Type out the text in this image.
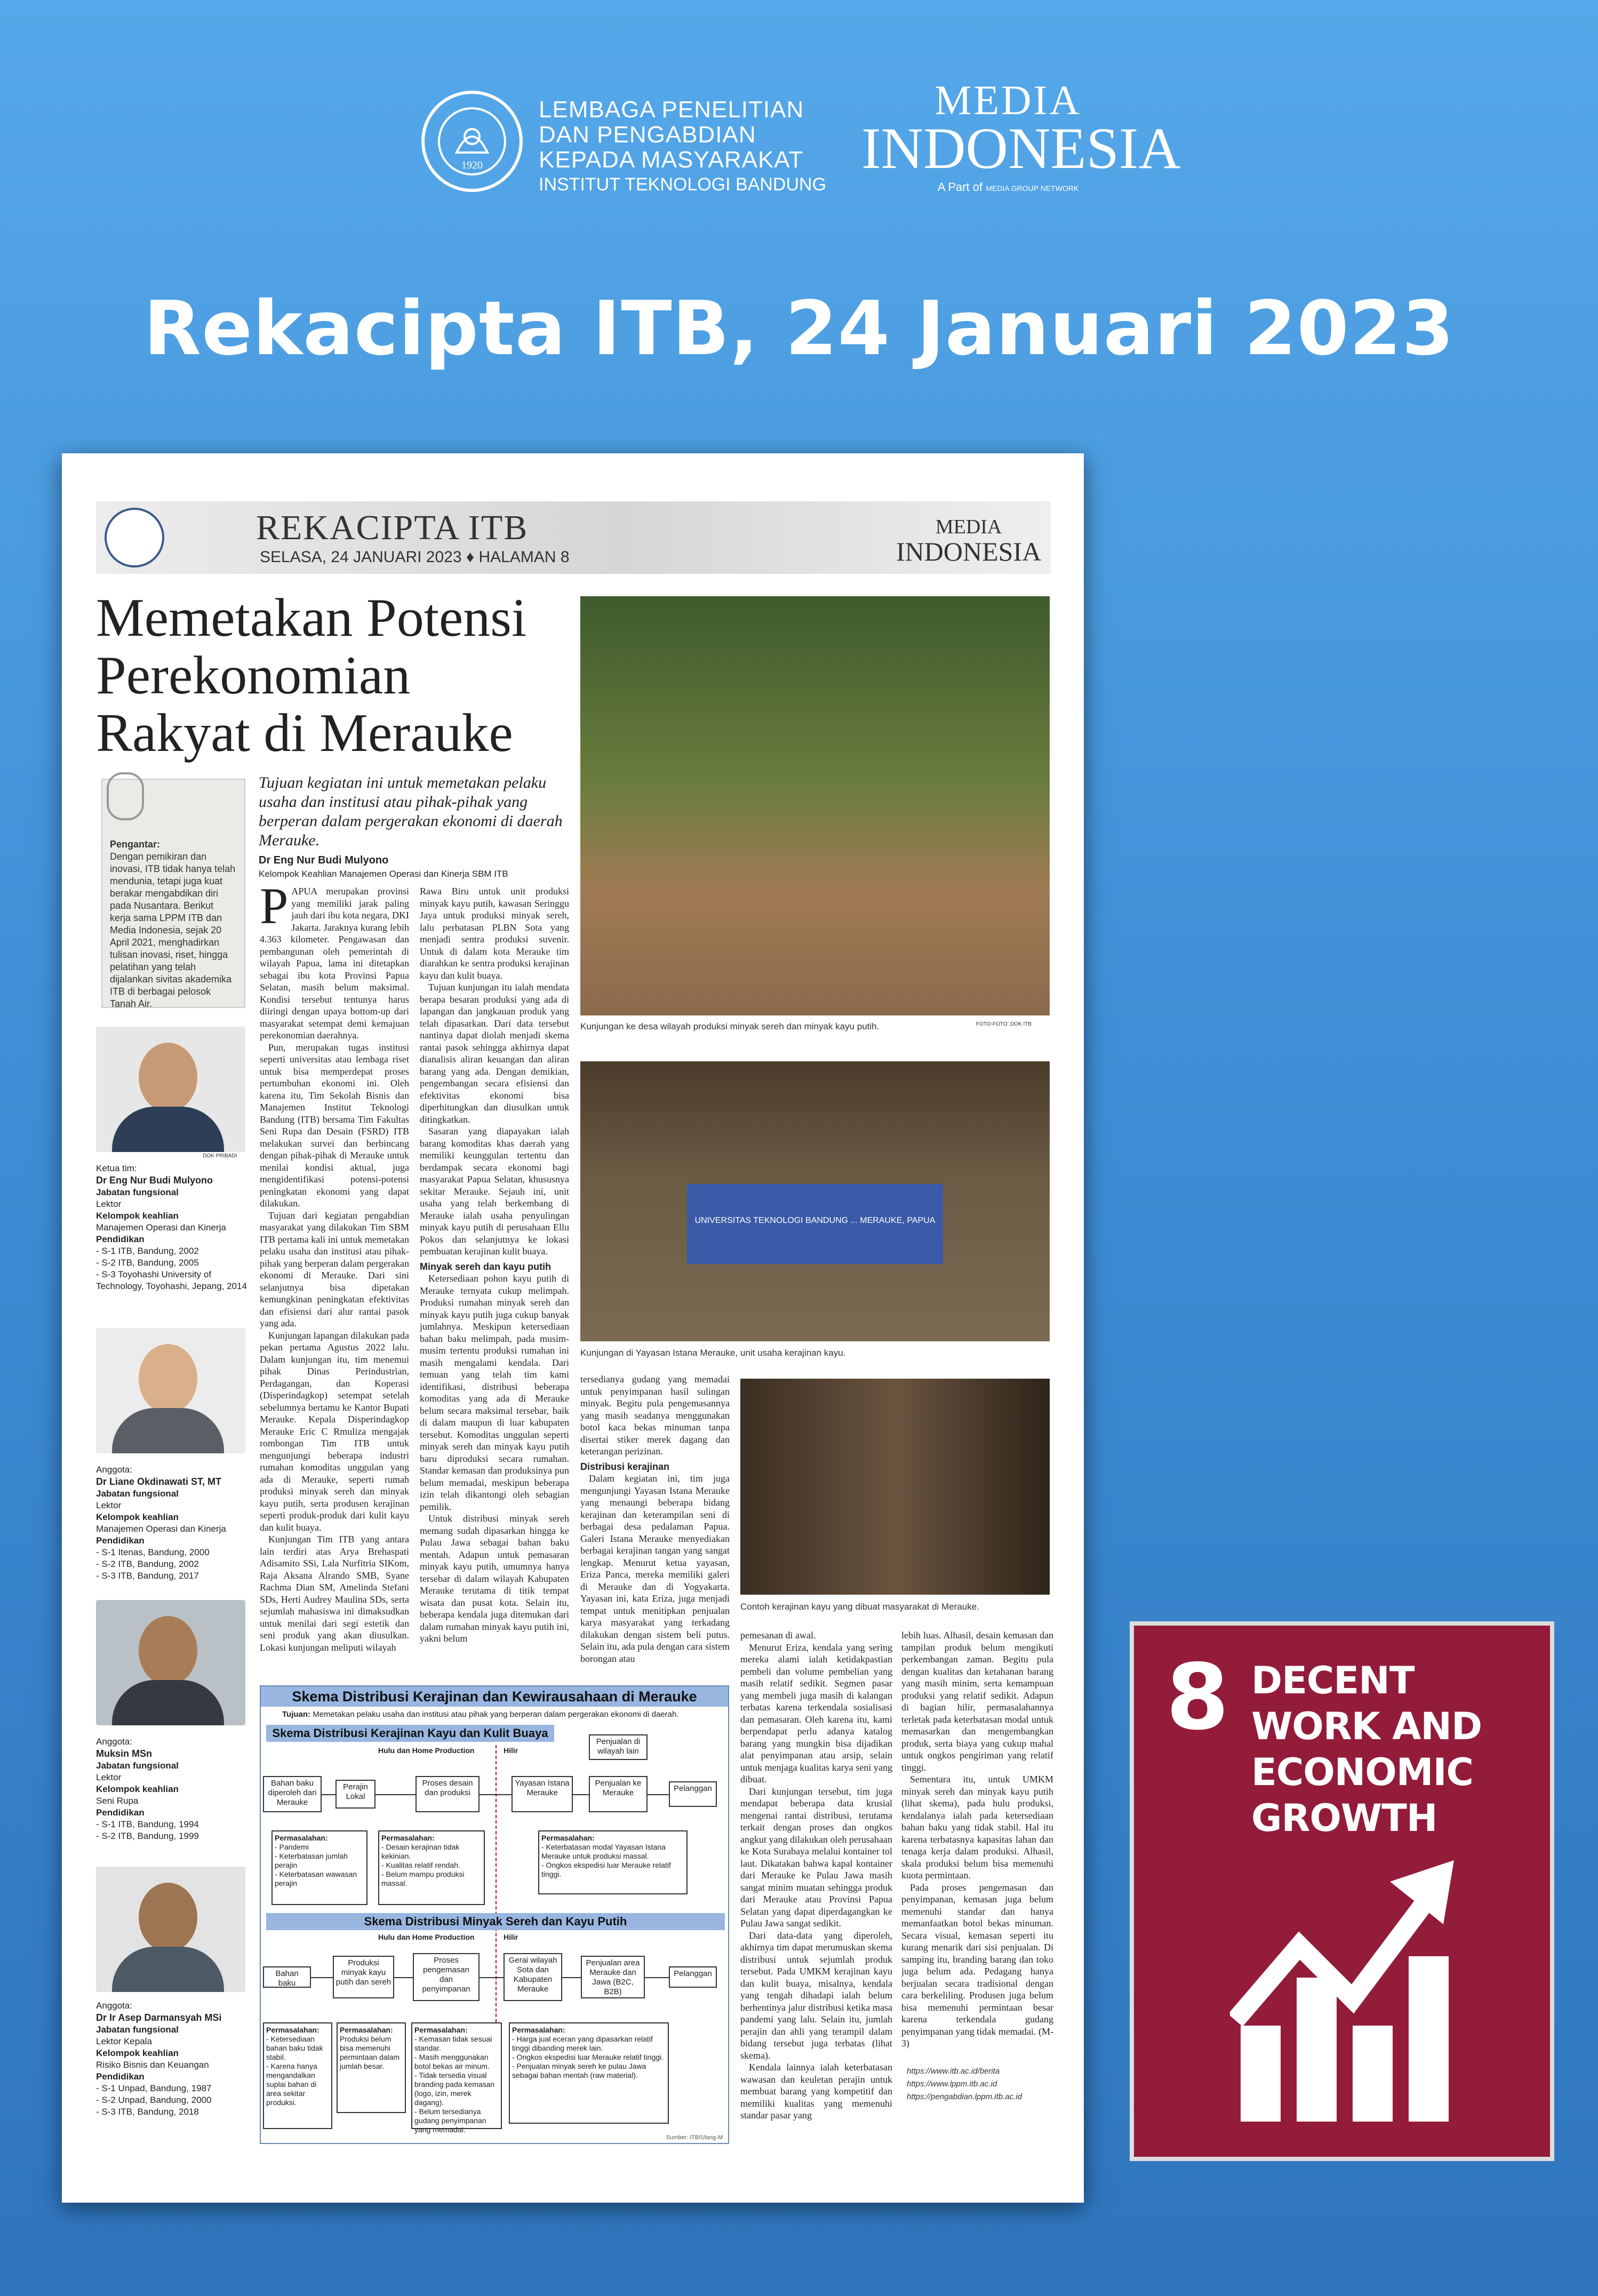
1920
LEMBAGA PENELITIAN
DAN PENGABDIAN
KEPADA MASYARAKAT
INSTITUT TEKNOLOGI BANDUNG
MEDIA
INDONESIA
A Part of MEDIA GROUP NETWORK
Rekacipta ITB, 24 Januari 2023
REKACIPTA ITB
SELASA, 24 JANUARI 2023 ♦ HALAMAN 8
MEDIA
INDONESIA
Memetakan Potensi Perekonomian Rakyat di Merauke
Tujuan kegiatan ini untuk memetakan pelaku usaha dan institusi atau pihak-pihak yang berperan dalam pergerakan ekonomi di daerah Merauke.
Dr Eng Nur Budi Mulyono
Kelompok Keahlian Manajemen Operasi dan Kinerja SBM ITB
Pengantar:
Dengan pemikiran dan inovasi, ITB tidak hanya telah mendunia, tetapi juga kuat berakar mengabdikan diri pada Nusantara. Berikut kerja sama LPPM ITB dan Media Indonesia, sejak 20 April 2021, menghadirkan tulisan inovasi, riset, hingga pelatihan yang telah dijalankan sivitas akademika ITB di berbagai pelosok Tanah Air.
DOK PRIBADI
Ketua tim:
Dr Eng Nur Budi Mulyono
Jabatan fungsional
Lektor
Kelompok keahlian
Manajemen Operasi dan Kinerja
Pendidikan
- S-1 ITB, Bandung, 2002
- S-2 ITB, Bandung, 2005
- S-3 Toyohashi University of Technology, Toyohashi, Jepang, 2014
Anggota:
Dr Liane Okdinawati ST, MT
Jabatan fungsional
Lektor
Kelompok keahlian
Manajemen Operasi dan Kinerja
Pendidikan
- S-1 Itenas, Bandung, 2000
- S-2 ITB, Bandung, 2002
- S-3 ITB, Bandung, 2017
Anggota:
Muksin MSn
Jabatan fungsional
Lektor
Kelompok keahlian
Seni Rupa
Pendidikan
- S-1 ITB, Bandung, 1994
- S-2 ITB, Bandung, 1999
Anggota:
Dr Ir Asep Darmansyah MSi
Jabatan fungsional
Lektor Kepala
Kelompok keahlian
Risiko Bisnis dan Keuangan
Pendidikan
- S-1 Unpad, Bandung, 1987
- S-2 Unpad, Bandung, 2000
- S-3 ITB, Bandung, 2018
P APUA merupakan provinsi yang memiliki jarak paling jauh dari ibu kota negara, DKI Jakarta. Jaraknya kurang lebih 4.363 kilometer. Pengawasan dan pembangunan oleh pemerintah di wilayah Papua, lama ini ditetapkan sebagai ibu kota Provinsi Papua Selatan, masih belum maksimal. Kondisi tersebut tentunya harus diiringi dengan upaya bottom-up dari masyarakat setempat demi kemajuan perekonomian daerahnya.

Pun, merupakan tugas institusi seperti universitas atau lembaga riset untuk bisa memperdepat proses pertumbuhan ekonomi ini. Oleh karena itu, Tim Sekolah Bisnis dan Manajemen Institut Teknologi Bandung (ITB) bersama Tim Fakultas Seni Rupa dan Desain (FSRD) ITB melakukan survei dan berbincang dengan pihak-pihak di Merauke untuk menilai kondisi aktual, juga mengidentifikasi potensi-potensi peningkatan ekonomi yang dapat dilakukan.

Tujuan dari kegiatan pengabdian masyarakat yang dilakukan Tim SBM ITB pertama kali ini untuk memetakan pelaku usaha dan institusi atau pihak-pihak yang berperan dalam pergerakan ekonomi di Merauke. Dari sini selanjutnya bisa dipetakan kemungkinan peningkatan efektivitas dan efisiensi dari alur rantai pasok yang ada.

Kunjungan lapangan dilakukan pada pekan pertama Agustus 2022 lalu. Dalam kunjungan itu, tim menemui pihak Dinas Perindustrian, Perdagangan, dan Koperasi (Disperindagkop) setempat setelah sebelumnya bertamu ke Kantor Bupati Merauke. Kepala Disperindagkop Merauke Eric C Rmuliza mengajak rombongan Tim ITB untuk mengunjungi beberapa industri rumahan komoditas unggulan yang ada di Merauke, seperti rumah produksi minyak sereh dan minyak kayu putih, serta produsen kerajinan seperti produk-produk dari kulit kayu dan kulit buaya.

Kunjungan Tim ITB yang antara lain terdiri atas Arya Brehaspati Adisamito SSi, Lala Nurfitria SIKom, Raja Aksana Alrando SMB, Syane Rachma Dian SM, Amelinda Stefani SDs, Herti Audrey Maulina SDs, serta sejumlah mahasiswa ini dimaksudkan untuk menilai dari segi estetik dan seni produk yang akan diusulkan. Lokasi kunjungan meliputi wilayah

Rawa Biru untuk unit produksi minyak kayu putih, kawasan Seringgu Jaya untuk produksi minyak sereh, lalu perbatasan PLBN Sota yang menjadi sentra produksi suvenir. Untuk di dalam kota Merauke tim diarahkan ke sentra produksi kerajinan kayu dan kulit buaya.

Tujuan kunjungan itu ialah mendata berapa besaran produksi yang ada di lapangan dan jangkauan produk yang telah dipasarkan. Dari data tersebut nantinya dapat diolah menjadi skema rantai pasok sehingga akhirnya dapat dianalisis aliran keuangan dan aliran barang yang ada. Dengan demikian, pengembangan secara efisiensi dan efektivitas ekonomi bisa diperhitungkan dan diusulkan untuk ditingkatkan.

Sasaran yang diapayakan ialah barang komoditas khas daerah yang memiliki keunggulan tertentu dan berdampak secara ekonomi bagi masyarakat Papua Selatan, khususnya sekitar Merauke. Sejauh ini, unit usaha yang telah berkembang di Merauke ialah usaha penyulingan minyak kayu putih di perusahaan Ellu Pokos dan selanjutnya ke lokasi pembuatan kerajinan kulit buaya.

Minyak sereh dan kayu putih

Ketersediaan pohon kayu putih di Merauke ternyata cukup melimpah. Produksi rumahan minyak sereh dan minyak kayu putih juga cukup banyak jumlahnya. Meskipun ketersediaan bahan baku melimpah, pada musim-musim tertentu produksi rumahan ini masih mengalami kendala. Dari temuan yang telah tim kami identifikasi, distribusi beberapa komoditas yang ada di Merauke belum secara maksimal tersebar, baik di dalam maupun di luar kabupaten tersebut. Komoditas unggulan seperti minyak sereh dan minyak kayu putih baru diproduksi secara rumahan. Standar kemasan dan produksinya pun belum memadai, meskipun beberapa izin telah dikantongi oleh sebagian pemilik.

Untuk distribusi minyak sereh memang sudah dipasarkan hingga ke Pulau Jawa sebagai bahan baku mentah. Adapun untuk pemasaran minyak kayu putih, umumnya hanya tersebar di dalam wilayah Kabupaten Merauke terutama di titik tempat wisata dan pusat kota. Selain itu, beberapa kendala juga ditemukan dari dalam rumahan minyak kayu putih ini, yakni belum

Kunjungan ke desa wilayah produksi minyak sereh dan minyak kayu putih.	FOTO-FOTO: DOK ITB
UNIVERSITAS TEKNOLOGI BANDUNG ... MERAUKE, PAPUA
Kunjungan di Yayasan Istana Merauke, unit usaha kerajinan kayu.
Contoh kerajinan kayu yang dibuat masyarakat di Merauke.

tersedianya gudang yang memadai untuk penyimpanan hasil sulingan minyak. Begitu pula pengemasannya yang masih seadanya menggunakan botol kaca bekas minuman tanpa disertai stiker merek dagang dan keterangan perizinan.

Distribusi kerajinan

Dalam kegiatan ini, tim juga mengunjungi Yayasan Istana Merauke yang menaungi beberapa bidang kerajinan dan keterampilan seni di berbagai desa pedalaman Papua. Galeri Istana Merauke menyediakan berbagai kerajinan tangan yang sangat lengkap. Menurut ketua yayasan, Eriza Panca, mereka memiliki galeri di Merauke dan di Yogyakarta. Yayasan ini, kata Eriza, juga menjadi tempat untuk menitipkan penjualan karya masyarakat yang terkadang dilakukan dengan sistem beli putus. Selain itu, ada pula dengan cara sistem borongan atau

pemesanan di awal.

Menurut Eriza, kendala yang sering mereka alami ialah ketidakpastian pembeli dan volume pembelian yang masih relatif sedikit. Segmen pasar yang membeli juga masih di kalangan terbatas karena terkendala sosialisasi dan pemasaran. Oleh karena itu, kami berpendapat perlu adanya katalog barang yang mungkin bisa dijadikan alat penyimpanan atau arsip, selain untuk menjaga kualitas karya seni yang dibuat.

Dari kunjungan tersebut, tim juga mendapat beberapa data krusial mengenai rantai distribusi, terutama terkait dengan proses dan ongkos angkut yang dilakukan oleh perusahaan ke Kota Surabaya melalui kontainer tol laut. Dikatakan bahwa kapal kontainer dari Merauke ke Pulau Jawa masih sangat minim muatan sehingga produk dari Merauke atau Provinsi Papua Selatan yang dapat diperdagangkan ke Pulau Jawa sangat sedikit.

Dari data-data yang diperoleh, akhirnya tim dapat merumuskan skema distribusi untuk sejumlah produk tersebut. Pada UMKM kerajinan kayu dan kulit buaya, misalnya, kendala yang tengah dihadapi ialah belum berhentinya jalur distribusi ketika masa pandemi yang lalu. Selain itu, jumlah perajin dan ahli yang terampil dalam bidang tersebut juga terbatas (lihat skema).

Kendala lainnya ialah keterbatasan wawasan dan keuletan perajin untuk membuat barang yang kompetitif dan memiliki kualitas yang memenuhi standar pasar yang

lebih luas. Alhasil, desain kemasan dan tampilan produk belum mengikuti perkembangan zaman. Begitu pula dengan kualitas dan ketahanan barang yang masih minim, serta kemampuan produksi yang relatif sedikit. Adapun di bagian hilir, permasalahannya terletak pada keterbatasan modal untuk memasarkan dan mengembangkan produk, serta biaya yang cukup mahal untuk ongkos pengiriman yang relatif tinggi.

Sementara itu, untuk UMKM minyak sereh dan minyak kayu putih (lihat skema), pada hulu produksi, kendalanya ialah pada ketersediaan bahan baku yang tidak stabil. Hal itu karena terbatasnya kapasitas lahan dan tenaga kerja dalam produksi. Alhasil, skala produksi belum bisa memenuhi kuota permintaan.

Pada proses pengemasan dan penyimpanan, kemasan juga belum memenuhi standar dan hanya memanfaatkan botol bekas minuman. Secara visual, kemasan seperti itu kurang menarik dari sisi penjualan. Di samping itu, branding barang dan toko juga belum ada. Pedagang hanya berjualan secara tradisional dengan cara berkeliling. Produsen juga belum bisa memenuhi permintaan besar karena terkendala gudang penyimpanan yang tidak memadai. (M-3)

https://www.itb.ac.id/berita
https://www.lppm.itb.ac.id
https://pengabdian.lppm.itb.ac.id
Skema Distribusi Kerajinan dan Kewirausahaan di Merauke
Tujuan: Memetakan pelaku usaha dan institusi atau pihak yang berperan dalam pergerakan ekonomi di daerah.
Skema Distribusi Kerajinan Kayu dan Kulit Buaya
Hulu dan Home Production	Hilir
Bahan baku diperoleh dari Merauke
Perajin Lokal
Proses desain dan produksi
Yayasan Istana Merauke
Penjualan ke Merauke
Penjualan di wilayah lain
Pelanggan
Permasalahan:
- Pandemi
- Keterbatasan jumlah perajin
- Keterbatasan wawasan perajin
Permasalahan:
- Desain kerajinan tidak kekinian.
- Kualitas relatif rendah.
- Belum mampu produksi massal.
Permasalahan:
- Keterbatasan modal Yayasan Istana Merauke untuk produksi massal.
- Ongkos ekspedisi luar Merauke relatif tinggi.
Skema Distribusi Minyak Sereh dan Kayu Putih
Hulu dan Home Production	Hilir
Bahan baku
Produksi minyak kayu putih dan sereh
Proses pengemasan dan penyimpanan
Gerai wilayah Sota dan Kabupaten Merauke
Penjualan area Merauke dan Jawa (B2C, B2B)
Pelanggan
Permasalahan:
- Ketersediaan bahan baku tidak stabil.
- Karena hanya mengandalkan suplai bahan di area sekitar produksi.
Permasalahan:
Produksi belum bisa memenuhi permintaan dalam jumlah besar.
Permasalahan:
- Kemasan tidak sesuai standar.
- Masih menggunakan botol bekas air minum.
- Tidak tersedia visual branding pada kemasan (logo, izin, merek dagang).
- Belum tersedianya gudang penyimpanan yang memadai.
Permasalahan:
- Harga jual eceran yang dipasarkan relatif tinggi dibanding merek lain.
- Ongkos ekspedisi luar Merauke relatif tinggi.
- Penjualan minyak sereh ke pulau Jawa sebagai bahan mentah (raw material).
Sumber: ITB/Ulang-M
8 DECENT WORK AND
ECONOMIC GROWTH
